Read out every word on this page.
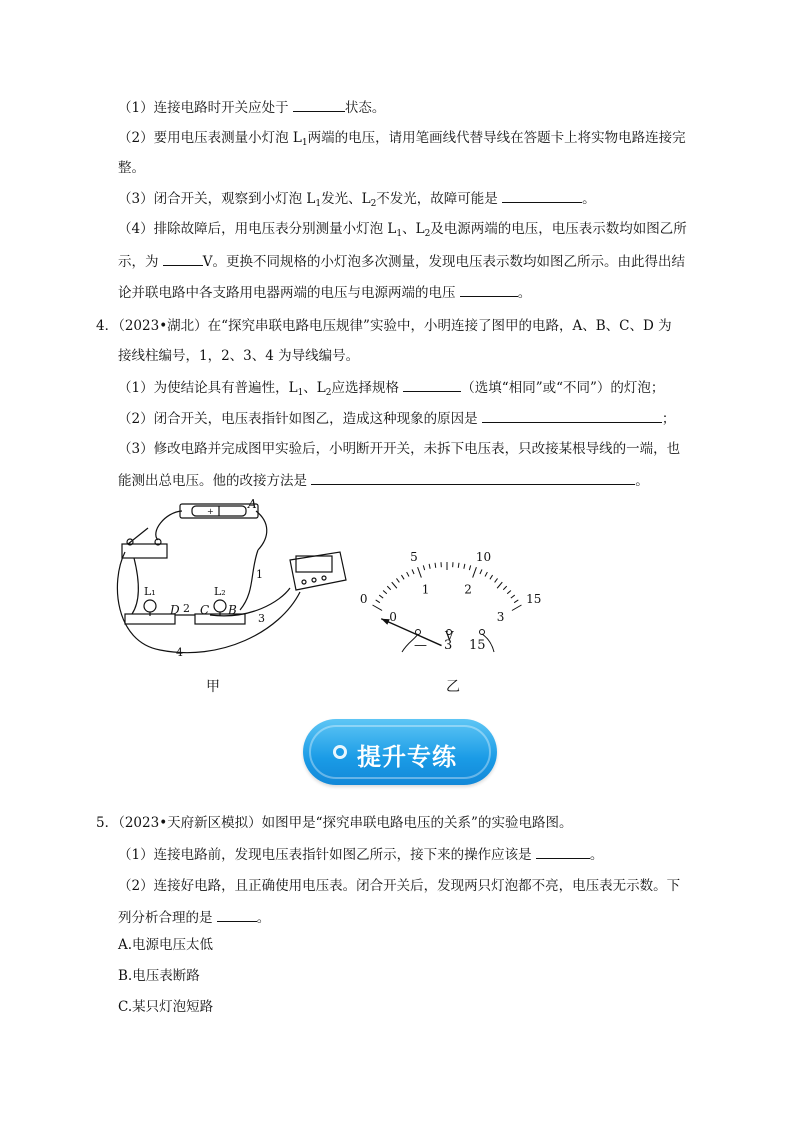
（1）连接电路时开关应处于	状态。
（2）要用电压表测量小灯泡 $L_1$两端的电压，请用笔画线代替导线在答题卡上将实物电路连接完
整。
（3）闭合开关，观察到小灯泡 $L_1$发光、$L_2$不发光，故障可能是	。
（4）排除故障后，用电压表分别测量小灯泡 $L_1$、$L_2$及电源两端的电压，电压表示数均如图乙所
示，为	V。更换不同规格的小灯泡多次测量，发现电压表示数均如图乙所示。由此得出结
论并联电路中各支路用电器两端的电压与电源两端的电压	。
4．（2023•湖北）在“探究串联电路电压规律”实验中，小明连接了图甲的电路，A、B、C、D 为
接线柱编号，1，2、3、4 为导线编号。
（1）为使结论具有普遍性，$L_1$、$L_2$应选择规格	（选填“相同”或“不同”）的灯泡；
（2）闭合开关，电压表指针如图乙，造成这种现象的原因是	；
（3）修改电路并完成图甲实验后，小明断开开关，未拆下电压表，只改接某根导线的一端，也
能测出总电压。他的改接方法是	。
+
A
B
C
D
L₁	L₂
1
2
3
4
甲
0
5	10
15
0
1	2
3
V
— 3 15
乙
提升专练
5．（2023•天府新区模拟）如图甲是“探究串联电路电压的关系”的实验电路图。
（1）连接电路前，发现电压表指针如图乙所示，接下来的操作应该是	。
（2）连接好电路，且正确使用电压表。闭合开关后，发现两只灯泡都不亮，电压表无示数。下
列分析合理的是	。
A.电源电压太低
B.电压表断路
C.某只灯泡短路
